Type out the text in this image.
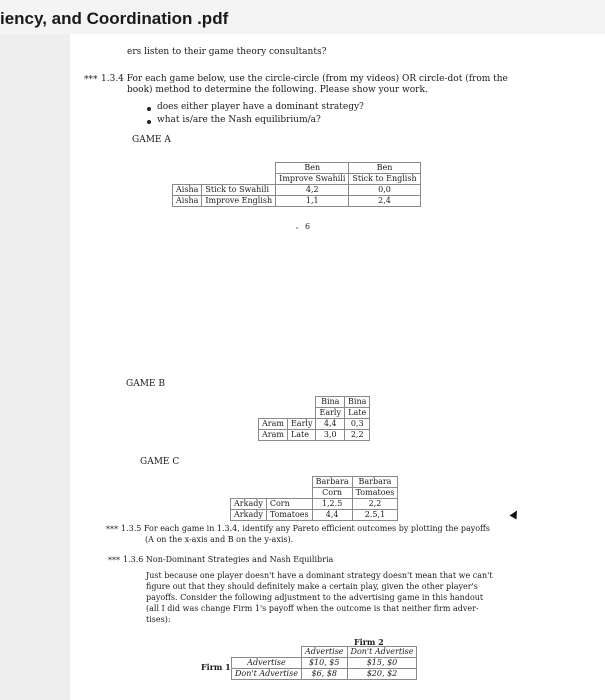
iency, and Coordination .pdf
ers listen to their game theory consultants?
*** 1.3.4 For each game below, use the circle-circle (from my videos) OR circle-dot (from the
book) method to determine the following. Please show your work.
does either player have a dominant strategy?
what is/are the Nash equilibrium/a?
GAME A
		Ben	Ben
		Improve Swahili	Stick to English
Aisha	Stick to Swahili	4,2	0,0
Aisha	Improve English	1,1	2,4
6
GAME B
		Bina	Bina
		Early	Late
Aram	Early	4,4	0,3
Aram	Late	3,0	2,2
GAME C
		Barbara	Barbara
		Corn	Tomatoes
Arkady	Corn	1,2.5	2,2
Arkady	Tomatoes	4,4	2.5,1
*** 1.3.5 For each game in 1.3.4, identify any Pareto efficient outcomes by plotting the payoffs
(A on the x-axis and B on the y-axis).
*** 1.3.6 Non-Dominant Strategies and Nash Equilibria
Just because one player doesn't have a dominant strategy doesn't mean that we can't
figure out that they should definitely make a certain play, given the other player's
payoffs. Consider the following adjustment to the advertising game in this handout
(all I did was change Firm 1's payoff when the outcome is that neither firm adver-
tises):
Firm 2
Firm 1
	Advertise	Don't Advertise
Advertise	$10, $5	$15, $0
Don't Advertise	$6, $8	$20, $2
